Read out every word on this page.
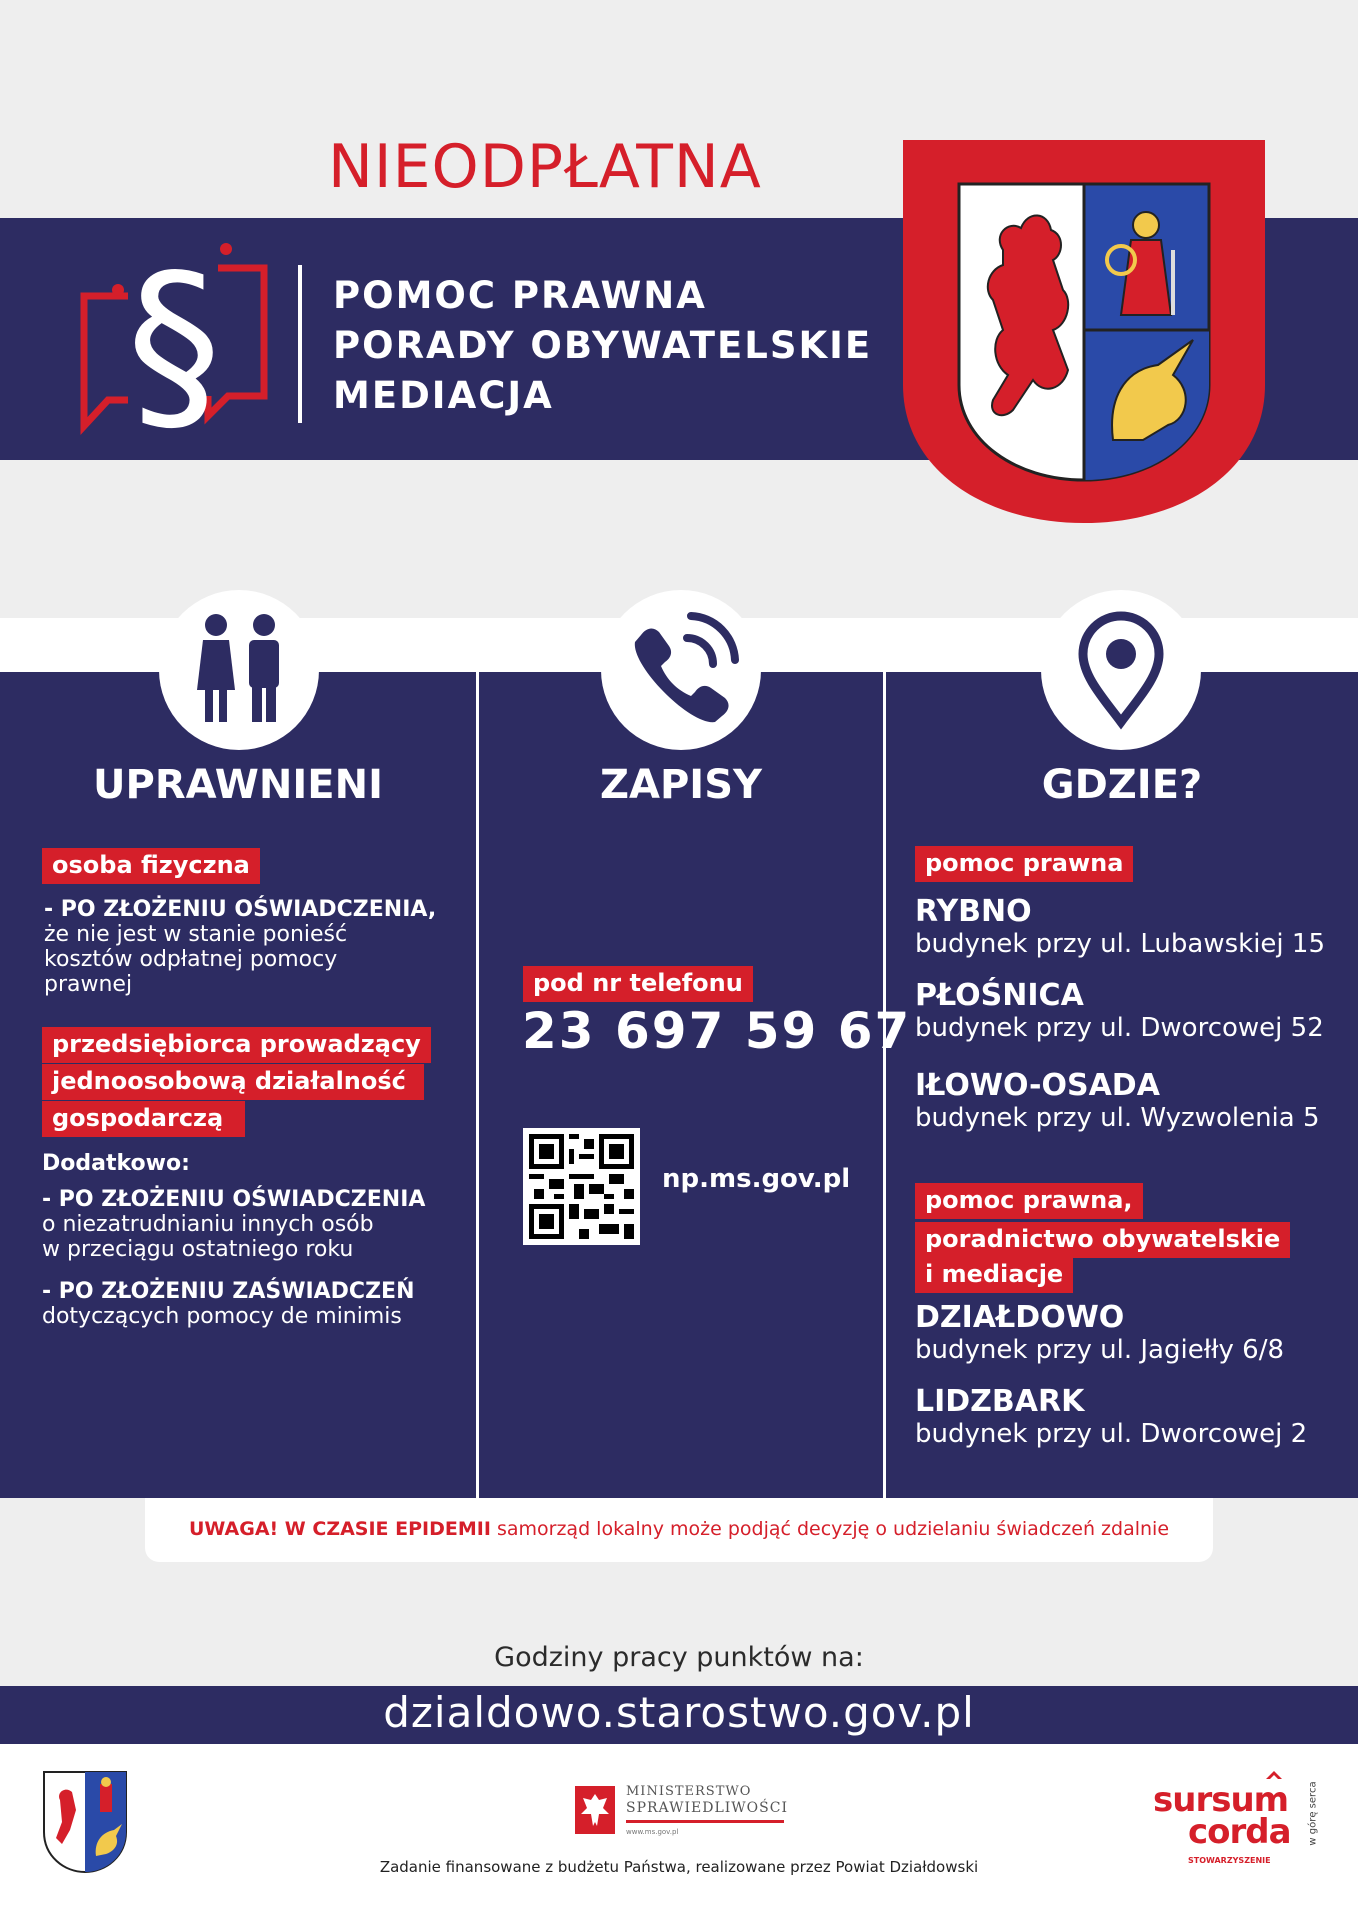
NIEODPŁATNA
§	POMOC PRAWNA
PORADY OBYWATELSKIE
MEDIACJA
UPRAWNIENI	ZAPISY	GDZIE?
osoba fizyczna
- PO ZŁOŻENIU OŚWIADCZENIA,
że nie jest w stanie ponieść
kosztów odpłatnej pomocy
prawnej
przedsiębiorca prowadzący
jednoosobową działalność
gospodarczą
Dodatkowo:
- PO ZŁOŻENIU OŚWIADCZENIA
o niezatrudnianiu innych osób
w przeciągu ostatniego roku
- PO ZŁOŻENIU ZAŚWIADCZEŃ
dotyczących pomocy de minimis
pod nr telefonu
23 697 59 67
np.ms.gov.pl
pomoc prawna
RYBNO
budynek przy ul. Lubawskiej 15
PŁOŚNICA
budynek przy ul. Dworcowej 52
IŁOWO-OSADA
budynek przy ul. Wyzwolenia 5
pomoc prawna,
poradnictwo obywatelskie
i mediacje
DZIAŁDOWO
budynek przy ul. Jagiełły 6/8
LIDZBARK
budynek przy ul. Dworcowej 2
UWAGA! W CZASIE EPIDEMII samorząd lokalny może podjąć decyzję o udzielaniu świadczeń zdalnie
Godziny pracy punktów na:
dzialdowo.starostwo.gov.pl
MINISTERSTWO
SPRAWIEDLIWOŚCI
www.ms.gov.pl
sursum
corda w górę serca
STOWARZYSZENIE
Zadanie finansowane z budżetu Państwa, realizowane przez Powiat Działdowski
